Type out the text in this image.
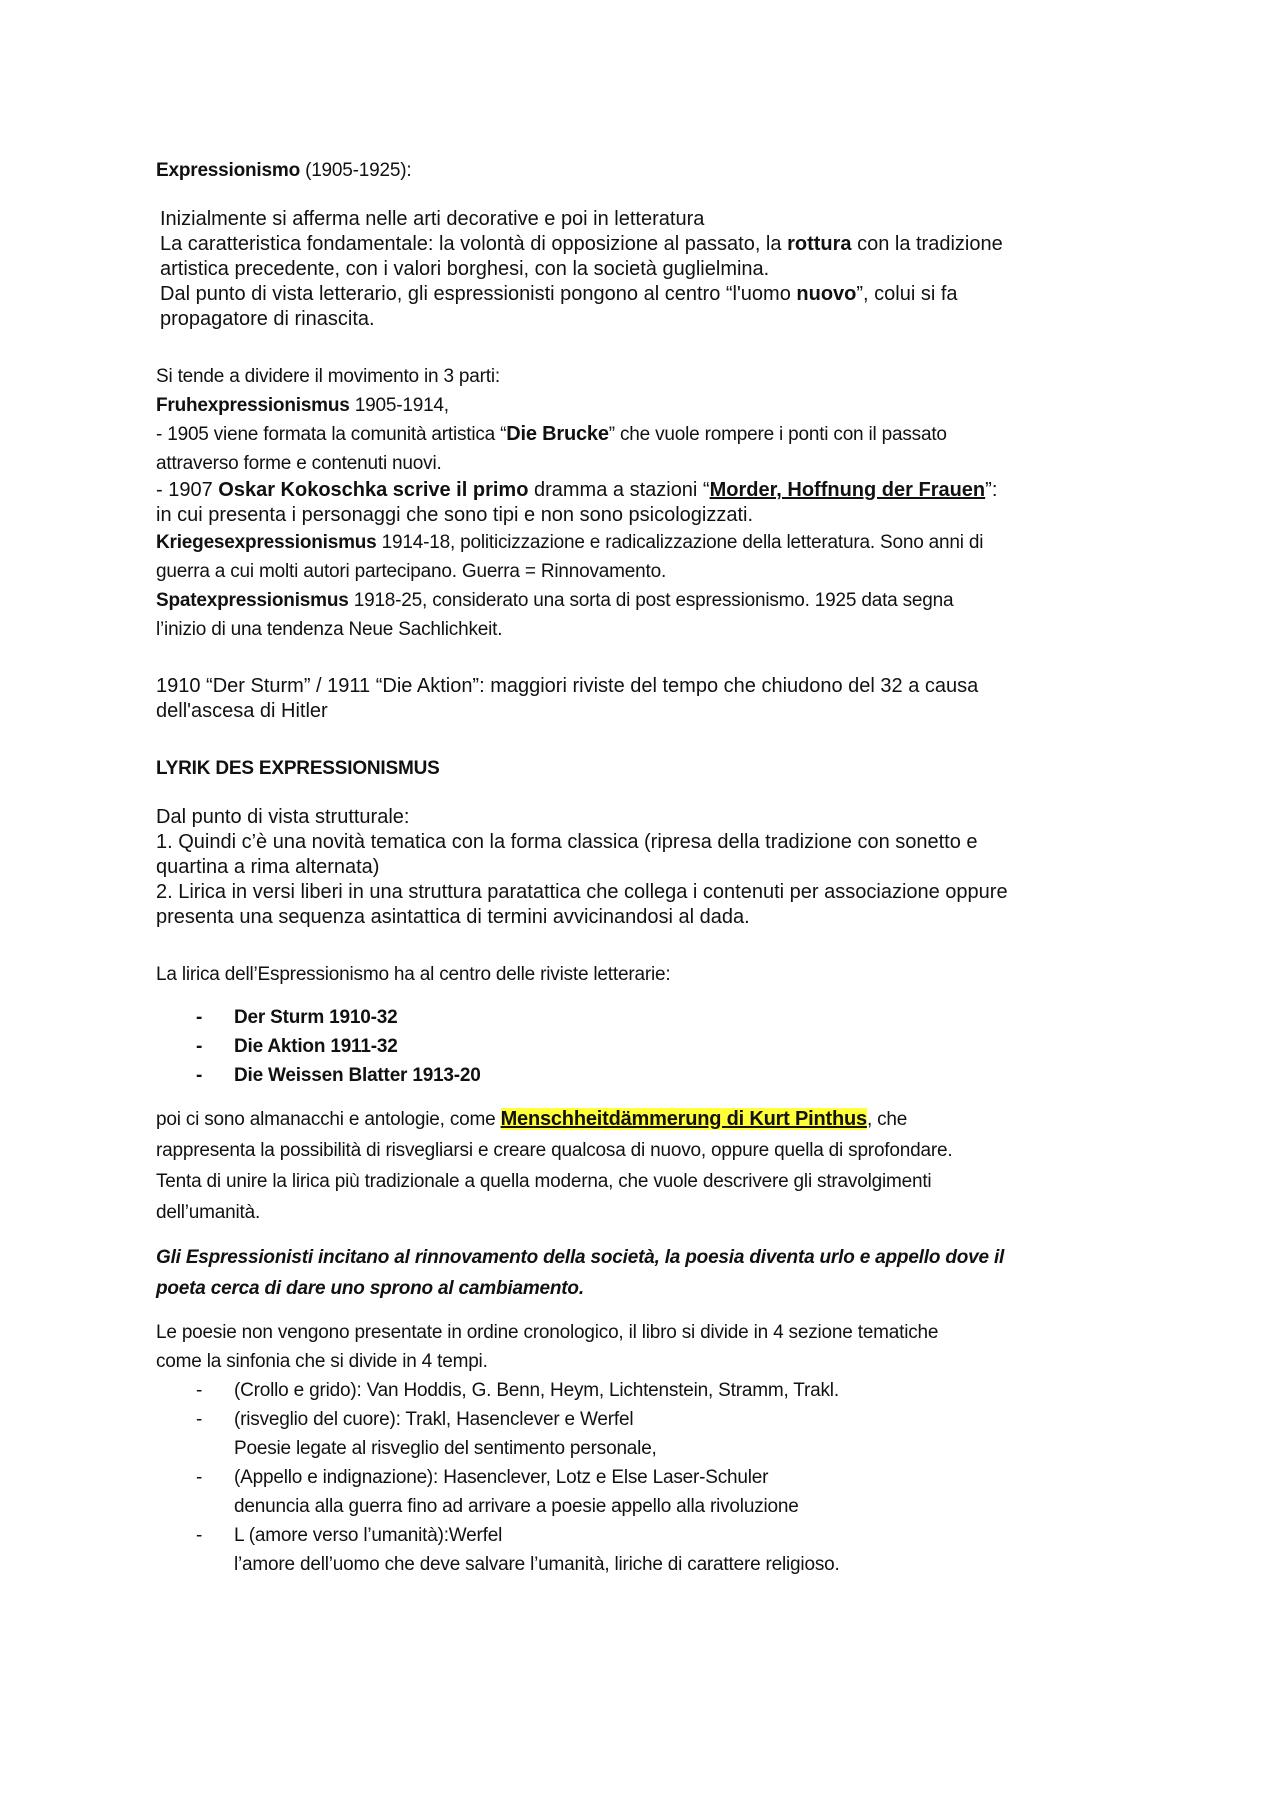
Expressionismo (1905-1925):

Inizialmente si afferma nelle arti decorative e poi in letteratura

La caratteristica fondamentale: la volontà di opposizione al passato, la rottura con la tradizione

artistica precedente, con i valori borghesi, con la società guglielmina.

Dal punto di vista letterario, gli espressionisti pongono al centro “l'uomo nuovo”, colui si fa

propagatore di rinascita.

Si tende a dividere il movimento in 3 parti:

Fruhexpressionismus 1905-1914,

- 1905 viene formata la comunità artistica “Die Brucke” che vuole rompere i ponti con il passato

attraverso forme e contenuti nuovi.

- 1907 Oskar Kokoschka scrive il primo dramma a stazioni “Morder, Hoffnung der Frauen”:

in cui presenta i personaggi che sono tipi e non sono psicologizzati.

Kriegesexpressionismus 1914-18, politicizzazione e radicalizzazione della letteratura. Sono anni di

guerra a cui molti autori partecipano. Guerra = Rinnovamento.

Spatexpressionismus 1918-25, considerato una sorta di post espressionismo. 1925 data segna

l’inizio di una tendenza Neue Sachlichkeit.

1910 “Der Sturm” / 1911 “Die Aktion”: maggiori riviste del tempo che chiudono del 32 a causa

dell'ascesa di Hitler

LYRIK DES EXPRESSIONISMUS

Dal punto di vista strutturale:

1. Quindi c’è una novità tematica con la forma classica (ripresa della tradizione con sonetto e

quartina a rima alternata)

2. Lirica in versi liberi in una struttura paratattica che collega i contenuti per associazione oppure

presenta una sequenza asintattica di termini avvicinandosi al dada.

La lirica dell’Espressionismo ha al centro delle riviste letterarie:

- Der Sturm 1910-32
- Die Aktion 1911-32
- Die Weissen Blatter 1913-20

poi ci sono almanacchi e antologie, come Menschheitdämmerung di Kurt Pinthus, che

rappresenta la possibilità di risvegliarsi e creare qualcosa di nuovo, oppure quella di sprofondare.

Tenta di unire la lirica più tradizionale a quella moderna, che vuole descrivere gli stravolgimenti

dell’umanità.

Gli Espressionisti incitano al rinnovamento della società, la poesia diventa urlo e appello dove il

poeta cerca di dare uno sprono al cambiamento.

Le poesie non vengono presentate in ordine cronologico, il libro si divide in 4 sezione tematiche

come la sinfonia che si divide in 4 tempi.

- (Crollo e grido): Van Hoddis, G. Benn, Heym, Lichtenstein, Stramm, Trakl.
- (risveglio del cuore): Trakl, Hasenclever e Werfel
Poesie legate al risveglio del sentimento personale,
- (Appello e indignazione): Hasenclever, Lotz e Else Laser-Schuler
denuncia alla guerra fino ad arrivare a poesie appello alla rivoluzione
- L (amore verso l’umanità):Werfel
l’amore dell’uomo che deve salvare l’umanità, liriche di carattere religioso.
